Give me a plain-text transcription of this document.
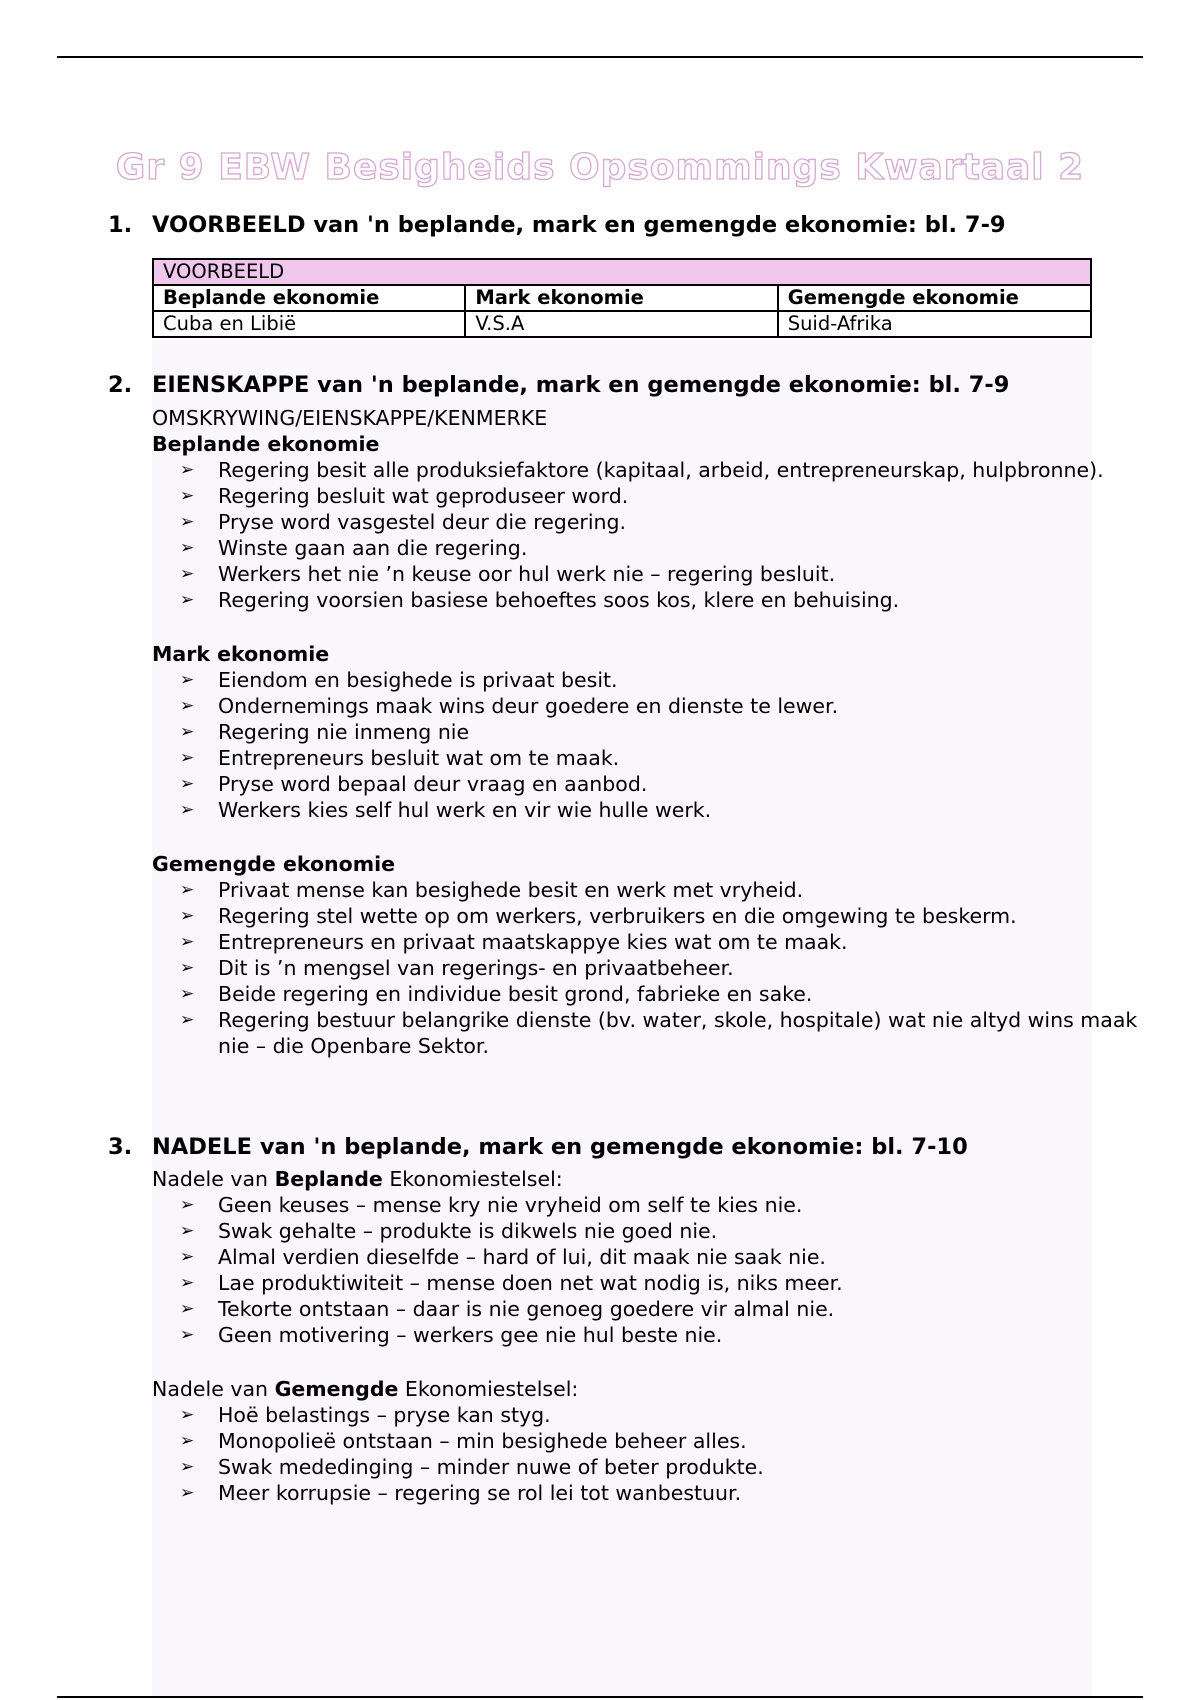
Gr 9 EBW Besigheids Opsommings Kwartaal 2
1. VOORBEELD van 'n beplande, mark en gemengde ekonomie: bl. 7-9
VOORBEELD		
Beplande ekonomie	Mark ekonomie	Gemengde ekonomie
Cuba en Libië	V.S.A	Suid-Afrika
2. EIENSKAPPE van 'n beplande, mark en gemengde ekonomie: bl. 7-9

OMSKRYWING/EIENSKAPPE/KENMERKE

Beplande ekonomie

➢ Regering besit alle produksiefaktore (kapitaal, arbeid, entrepreneurskap, hulpbronne).
➢ Regering besluit wat geproduseer word.
➢ Pryse word vasgestel deur die regering.
➢ Winste gaan aan die regering.
➢ Werkers het nie ’n keuse oor hul werk nie – regering besluit.
➢ Regering voorsien basiese behoeftes soos kos, klere en behuising.

Mark ekonomie

➢ Eiendom en besighede is privaat besit.
➢ Ondernemings maak wins deur goedere en dienste te lewer.
➢ Regering nie inmeng nie
➢ Entrepreneurs besluit wat om te maak.
➢ Pryse word bepaal deur vraag en aanbod.
➢ Werkers kies self hul werk en vir wie hulle werk.

Gemengde ekonomie

➢ Privaat mense kan besighede besit en werk met vryheid.
➢ Regering stel wette op om werkers, verbruikers en die omgewing te beskerm.
➢ Entrepreneurs en privaat maatskappye kies wat om te maak.
➢ Dit is ’n mengsel van regerings- en privaatbeheer.
➢ Beide regering en individue besit grond, fabrieke en sake.
➢ Regering bestuur belangrike dienste (bv. water, skole, hospitale) wat nie altyd wins maak nie – die Openbare Sektor.
3. NADELE van 'n beplande, mark en gemengde ekonomie: bl. 7-10

Nadele van Beplande Ekonomiestelsel:

➢ Geen keuses – mense kry nie vryheid om self te kies nie.
➢ Swak gehalte – produkte is dikwels nie goed nie.
➢ Almal verdien dieselfde – hard of lui, dit maak nie saak nie.
➢ Lae produktiwiteit – mense doen net wat nodig is, niks meer.
➢ Tekorte ontstaan – daar is nie genoeg goedere vir almal nie.
➢ Geen motivering – werkers gee nie hul beste nie.

Nadele van Gemengde Ekonomiestelsel:

➢ Hoë belastings – pryse kan styg.
➢ Monopolieë ontstaan – min besighede beheer alles.
➢ Swak mededinging – minder nuwe of beter produkte.
➢ Meer korrupsie – regering se rol lei tot wanbestuur.
